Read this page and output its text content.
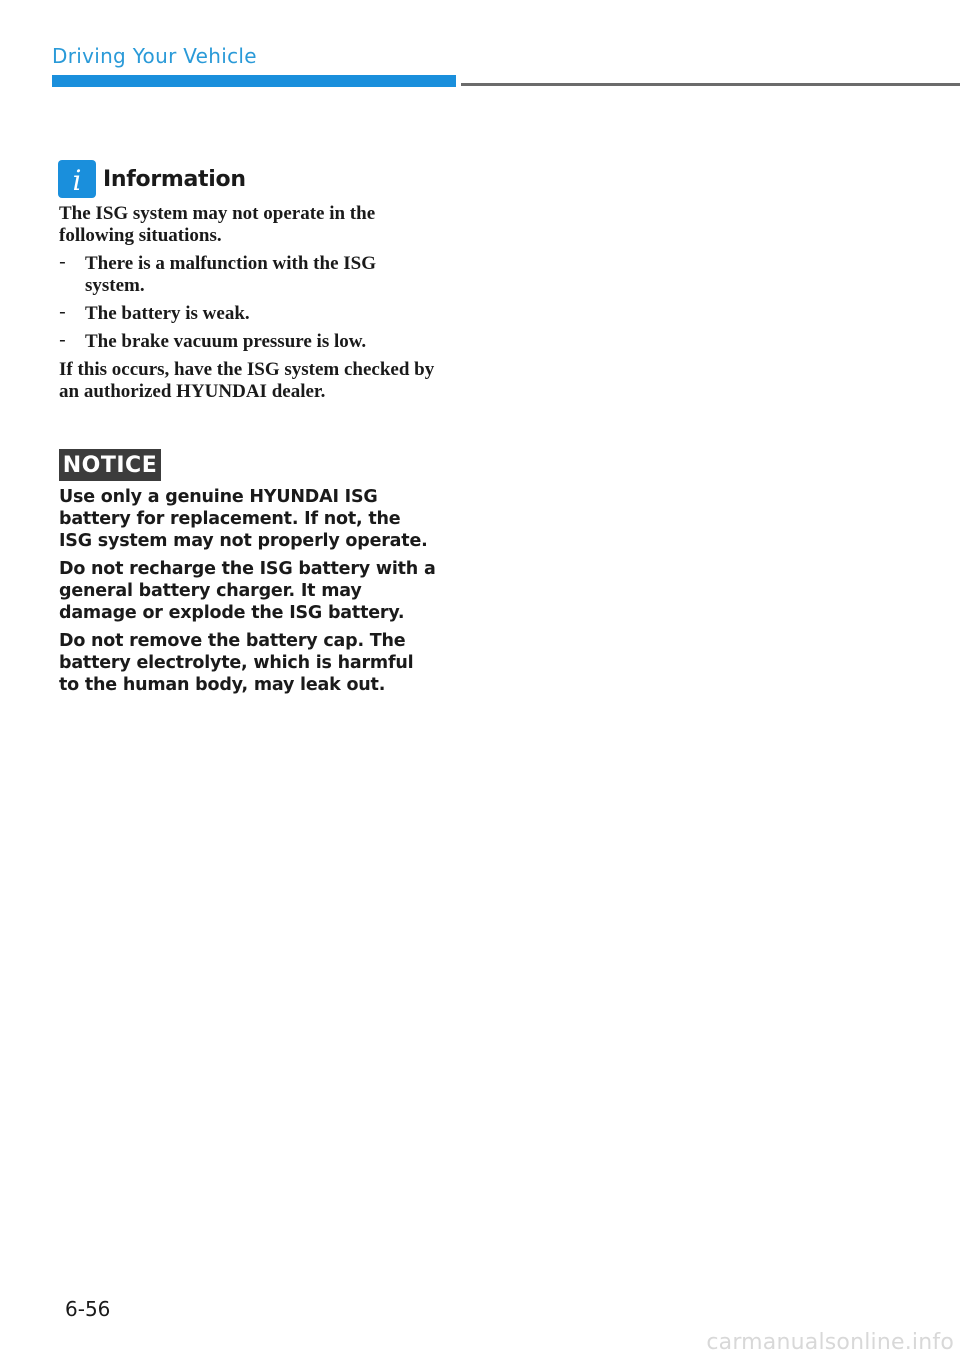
Driving Your Vehicle
i Information

The ISG system may not operate in the following situations.

- There is a malfunction with the ISG system.
- The battery is weak.
- The brake vacuum pressure is low.

If this occurs, have the ISG system checked by an authorized HYUNDAI dealer.

NOTICE

Use only a genuine HYUNDAI ISG battery for replacement. If not, the ISG system may not properly operate.

Do not recharge the ISG battery with a general battery charger. It may damage or explode the ISG battery.

Do not remove the battery cap. The battery electrolyte, which is harmful to the human body, may leak out.

6-56
carmanualsonline.info
